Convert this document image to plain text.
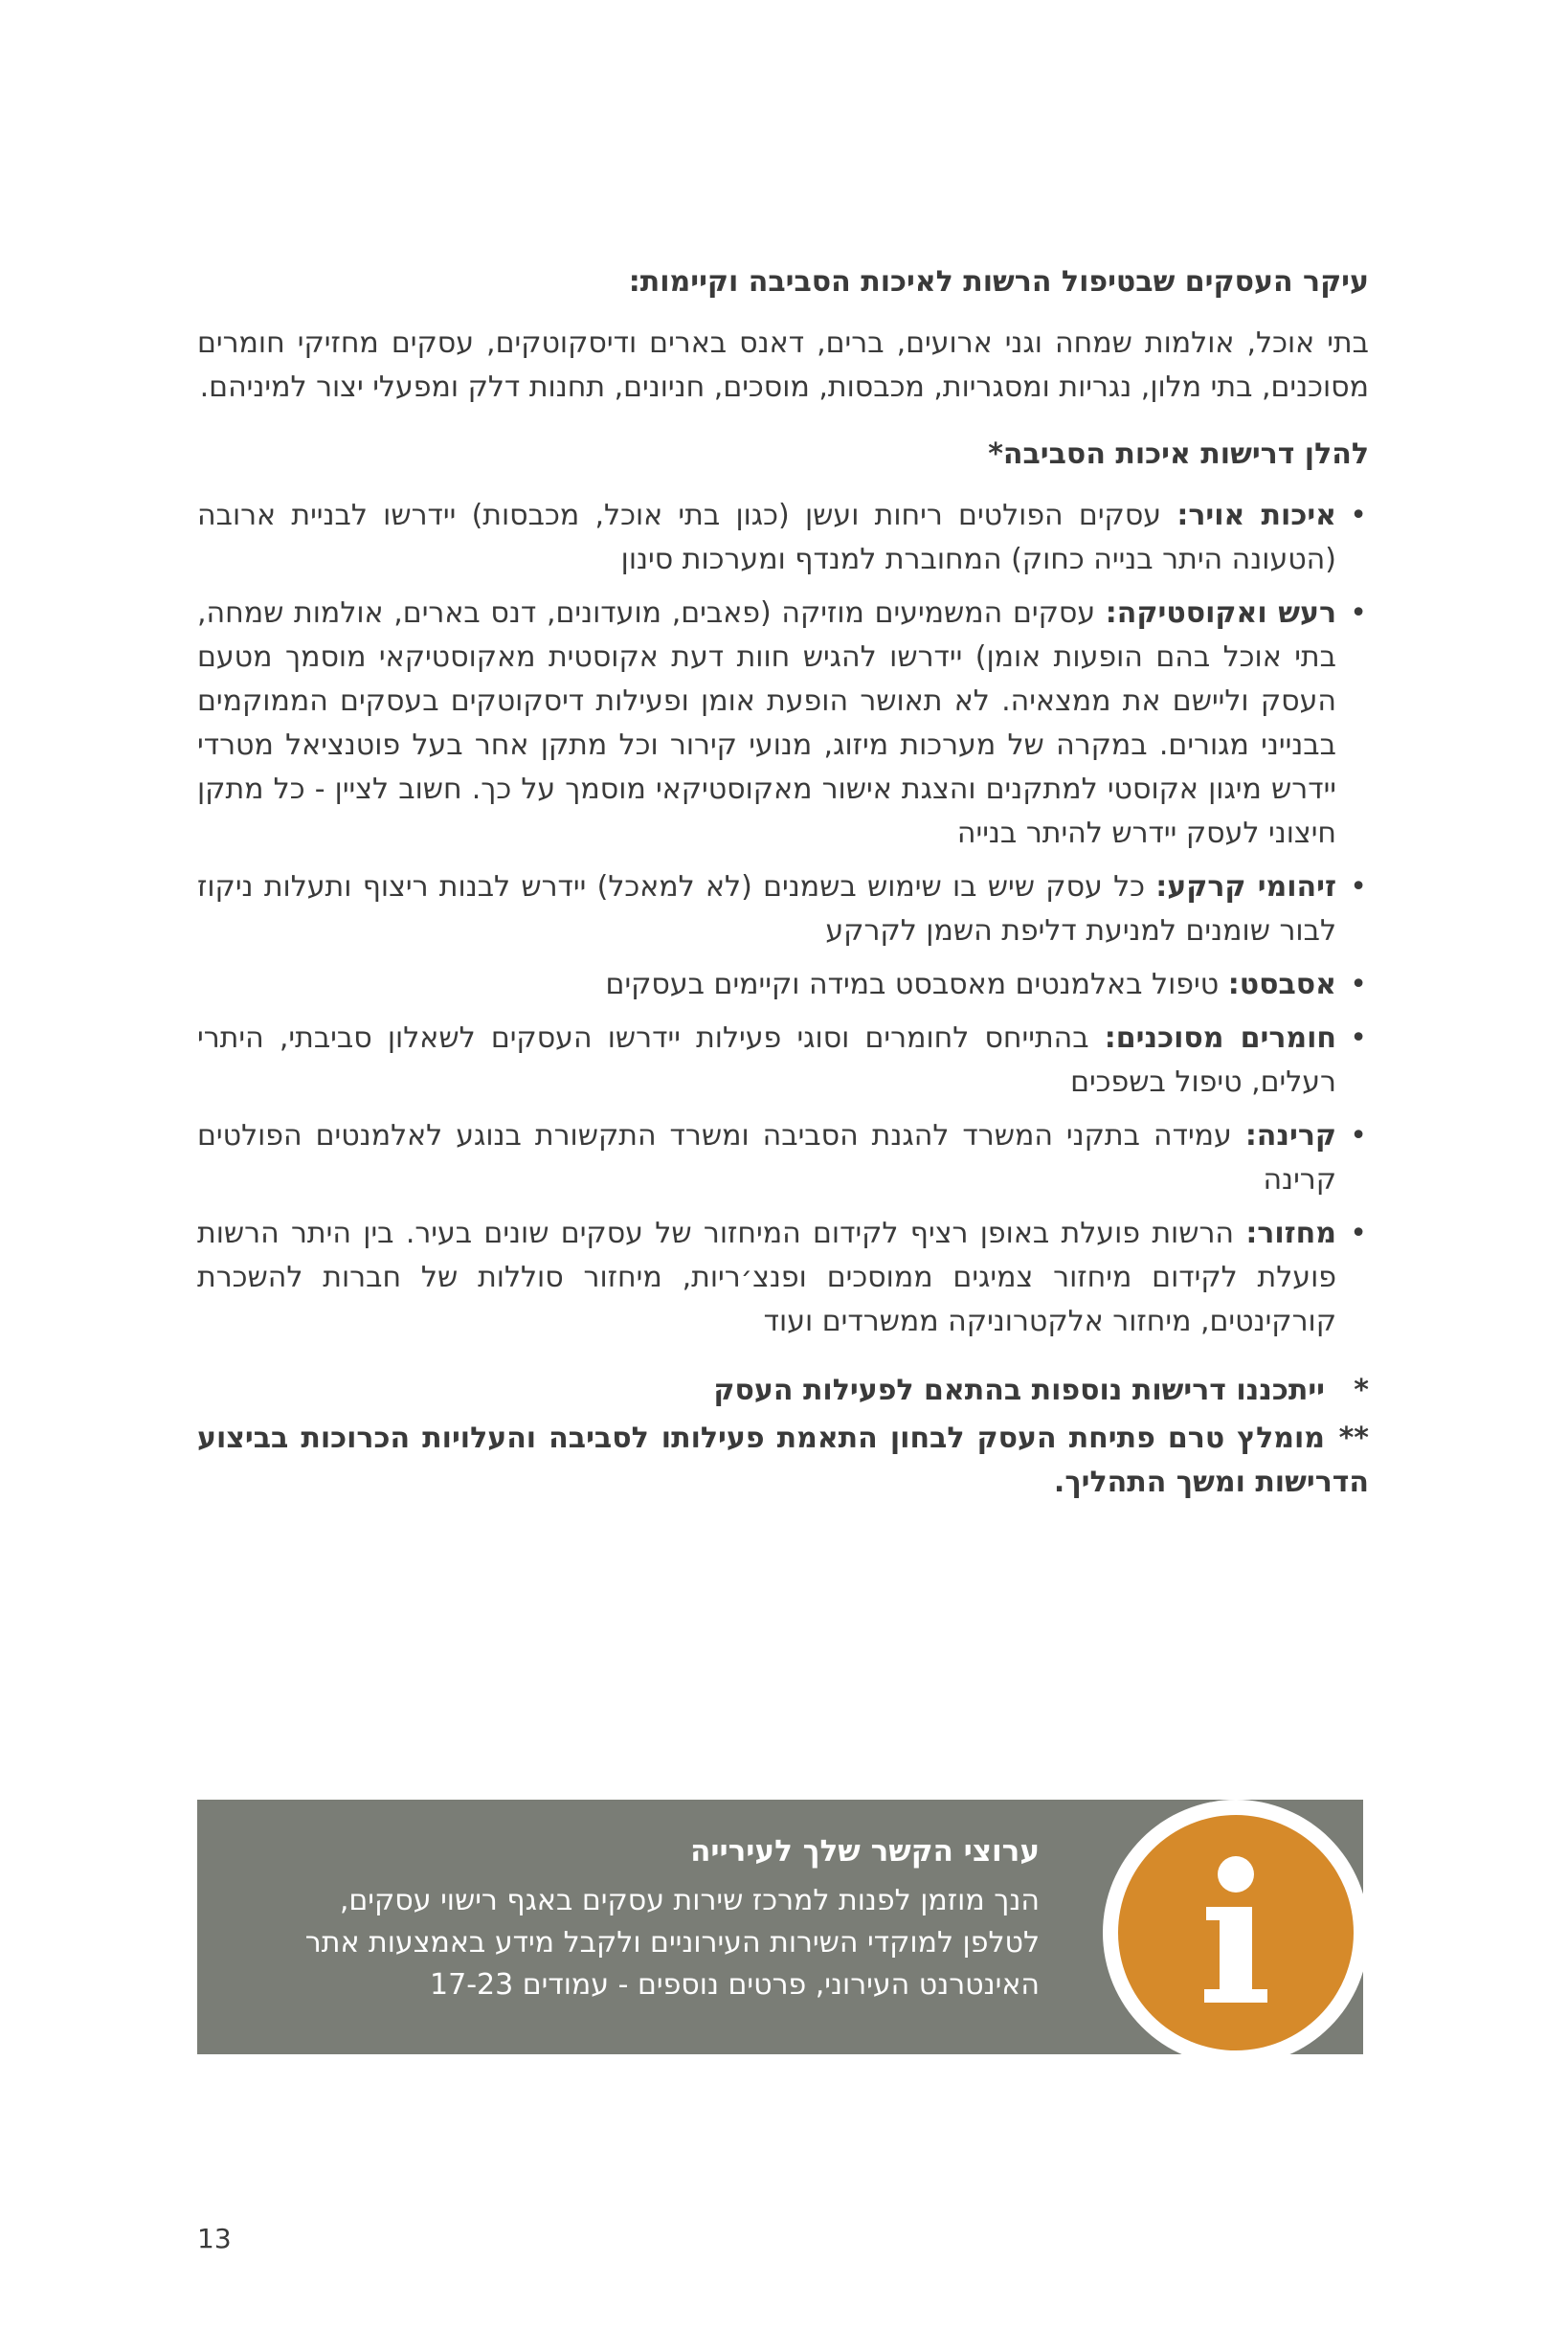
עיקר העסקים שבטיפול הרשות לאיכות הסביבה וקיימות:
בתי אוכל, אולמות שמחה וגני ארועים, ברים, דאנס בארים ודיסקוטקים, עסקים מחזיקי חומרים מסוכנים, בתי מלון, נגריות ומסגריות, מכבסות, מוסכים, חניונים, תחנות דלק ומפעלי יצור למיניהם.
להלן דרישות איכות הסביבה*
•
איכות אויר: עסקים הפולטים ריחות ועשן (כגון בתי אוכל, מכבסות) יידרשו לבניית ארובה (הטעונה היתר בנייה כחוק) המחוברת למנדף ומערכות סינון
•
רעש ואקוסטיקה: עסקים המשמיעים מוזיקה (פאבים, מועדונים, דנס בארים, אולמות שמחה, בתי אוכל בהם הופעות אומן) יידרשו להגיש חוות דעת אקוסטית מאקוסטיקאי מוסמך מטעם העסק וליישם את ממצאיה. לא תאושר הופעת אומן ופעילות דיסקוטקים בעסקים הממוקמים בבנייני מגורים. במקרה של מערכות מיזוג, מנועי קירור וכל מתקן אחר בעל פוטנציאל מטרדי יידרש מיגון אקוסטי למתקנים והצגת אישור מאקוסטיקאי מוסמך על כך. חשוב לציין - כל מתקן חיצוני לעסק יידרש להיתר בנייה
•
זיהומי קרקע: כל עסק שיש בו שימוש בשמנים (לא למאכל) יידרש לבנות ריצוף ותעלות ניקוז לבור שומנים למניעת דליפת השמן לקרקע
•
אסבסט: טיפול באלמנטים מאסבסט במידה וקיימים בעסקים
•
חומרים מסוכנים: בהתייחס לחומרים וסוגי פעילות יידרשו העסקים לשאלון סביבתי, היתרי רעלים, טיפול בשפכים
•
קרינה: עמידה בתקני המשרד להגנת הסביבה ומשרד התקשורת בנוגע לאלמנטים הפולטים קרינה
•
מחזור: הרשות פועלת באופן רציף לקידום המיחזור של עסקים שונים בעיר. בין היתר הרשות פועלת לקידום מיחזור צמיגים ממוסכים ופנצ׳ריות, מיחזור סוללות של חברות להשכרת קורקינטים, מיחזור אלקטרוניקה ממשרדים ועוד
*ייתכננו דרישות נוספות בהתאם לפעילות העסק
**מומלץ טרם פתיחת העסק לבחון התאמת פעילותו לסביבה והעלויות הכרוכות בביצוע הדרישות ומשך התהליך.
ערוצי הקשר שלך לעירייה
הנך מוזמן לפנות למרכז שירות עסקים באגף רישוי עסקים,
לטלפן למוקדי השירות העירוניים ולקבל מידע באמצעות אתר
האינטרנט העירוני, פרטים נוספים - עמודים 17-23
13
